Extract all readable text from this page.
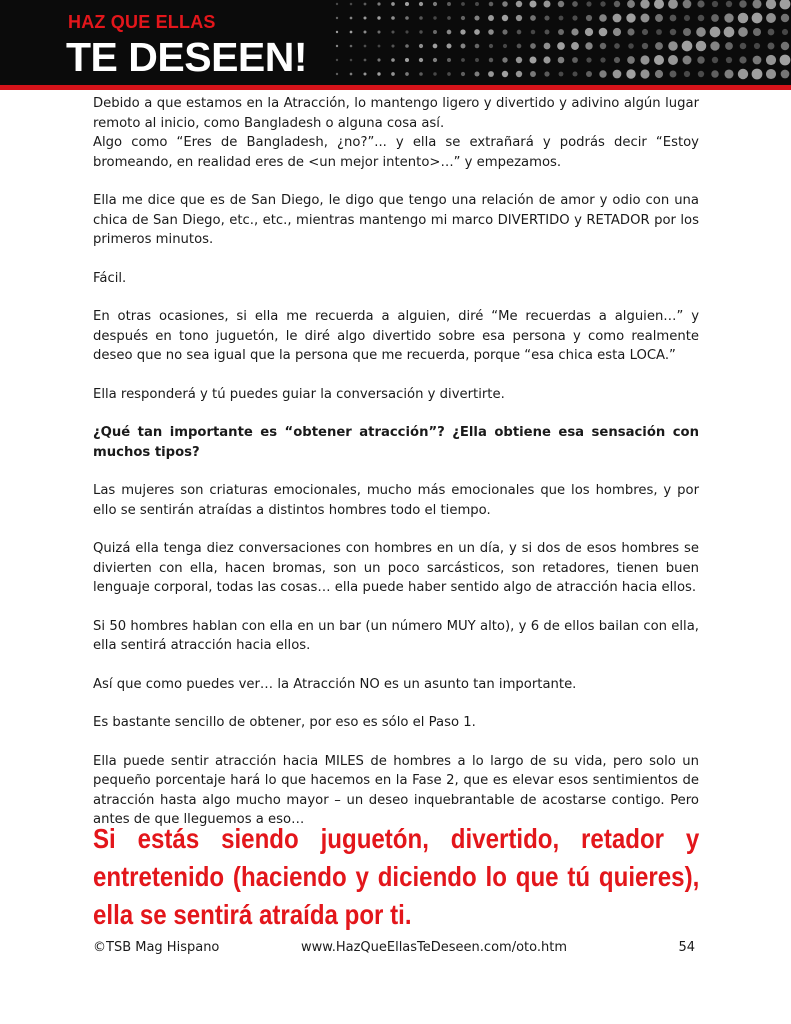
HAZ QUE ELLAS
TE DESEEN!

Debido a que estamos en la Atracción, lo mantengo ligero y divertido y adivino algún lugar remoto al inicio, como Bangladesh o alguna cosa así.

Algo como “Eres de Bangladesh, ¿no?”... y ella se extrañará y podrás decir “Estoy bromeando, en realidad eres de <un mejor intento>…” y empezamos.

Ella me dice que es de San Diego, le digo que tengo una relación de amor y odio con una chica de San Diego, etc., etc., mientras mantengo mi marco DIVERTIDO y RETADOR por los primeros minutos.

Fácil.

En otras ocasiones, si ella me recuerda a alguien, diré “Me recuerdas a alguien…” y después en tono juguetón, le diré algo divertido sobre esa persona y como realmente deseo que no sea igual que la persona que me recuerda, porque “esa chica esta LOCA.”

Ella responderá y tú puedes guiar la conversación y divertirte.

¿Qué tan importante es “obtener atracción”? ¿Ella obtiene esa sensación con muchos tipos?

Las mujeres son criaturas emocionales, mucho más emocionales que los hombres, y por ello se sentirán atraídas a distintos hombres todo el tiempo.

Quizá ella tenga diez conversaciones con hombres en un día, y si dos de esos hombres se divierten con ella, hacen bromas, son un poco sarcásticos, son retadores, tienen buen lenguaje corporal, todas las cosas… ella puede haber sentido algo de atracción hacia ellos.

Si 50 hombres hablan con ella en un bar (un número MUY alto), y 6 de ellos bailan con ella, ella sentirá atracción hacia ellos.

Así que como puedes ver… la Atracción NO es un asunto tan importante.

Es bastante sencillo de obtener, por eso es sólo el Paso 1.

Ella puede sentir atracción hacia MILES de hombres a lo largo de su vida, pero solo un pequeño porcentaje hará lo que hacemos en la Fase 2, que es elevar esos sentimientos de atracción hasta algo mucho mayor – un deseo inquebrantable de acostarse contigo. Pero antes de que lleguemos a eso…

Si estás siendo juguetón, divertido, retador y entretenido (haciendo y diciendo lo que tú quieres), ella se sentirá atraída por ti.
©TSB Mag Hispano	www.HazQueEllasTeDeseen.com/oto.htm	54
